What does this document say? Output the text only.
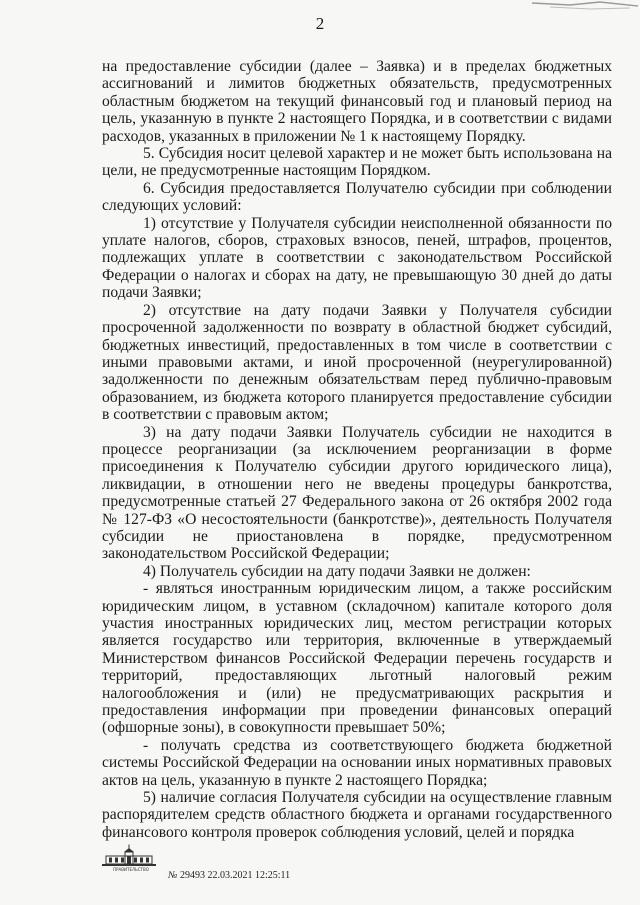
2

на предоставление субсидии (далее – Заявка) и в пределах бюджетных ассигнований и лимитов бюджетных обязательств, предусмотренных областным бюджетом на текущий финансовый год и плановый период на цель, указанную в пункте 2 настоящего Порядка, и в соответствии с видами расходов, указанных в приложении № 1 к настоящему Порядку.

5. Субсидия носит целевой характер и не может быть использована на цели, не предусмотренные настоящим Порядком.

6. Субсидия предоставляется Получателю субсидии при соблюдении следующих условий:

1) отсутствие у Получателя субсидии неисполненной обязанности по уплате налогов, сборов, страховых взносов, пеней, штрафов, процентов, подлежащих уплате в соответствии с законодательством Российской Федерации о налогах и сборах на дату, не превышающую 30 дней до даты подачи Заявки;

2) отсутствие на дату подачи Заявки у Получателя субсидии просроченной задолженности по возврату в областной бюджет субсидий, бюджетных инвестиций, предоставленных в том числе в соответствии с иными правовыми актами, и иной просроченной (неурегулированной) задолженности по денежным обязательствам перед публично-правовым образованием, из бюджета которого планируется предоставление субсидии в соответствии с правовым актом;

3) на дату подачи Заявки Получатель субсидии не находится в процессе реорганизации (за исключением реорганизации в форме присоединения к Получателю субсидии другого юридического лица), ликвидации, в отношении него не введены процедуры банкротства, предусмотренные статьей 27 Федерального закона от 26 октября 2002 года № 127-ФЗ «О несостоятельности (банкротстве)», деятельность Получателя субсидии не приостановлена в порядке, предусмотренном законодательством Российской Федерации;

4) Получатель субсидии на дату подачи Заявки не должен:

- являться иностранным юридическим лицом, а также российским юридическим лицом, в уставном (складочном) капитале которого доля участия иностранных юридических лиц, местом регистрации которых является государство или территория, включенные в утверждаемый Министерством финансов Российской Федерации перечень государств и территорий, предоставляющих льготный налоговый режим налогообложения и (или) не предусматривающих раскрытия и предоставления информации при проведении финансовых операций (офшорные зоны), в совокупности превышает 50%;

- получать средства из соответствующего бюджета бюджетной системы Российской Федерации на основании иных нормативных правовых актов на цель, указанную в пункте 2 настоящего Порядка;

5) наличие согласия Получателя субсидии на осуществление главным распорядителем средств областного бюджета и органами государственного финансового контроля проверок соблюдения условий, целей и порядка

ПРАВИТЕЛЬСТВО
№ 29493 22.03.2021 12:25:11
